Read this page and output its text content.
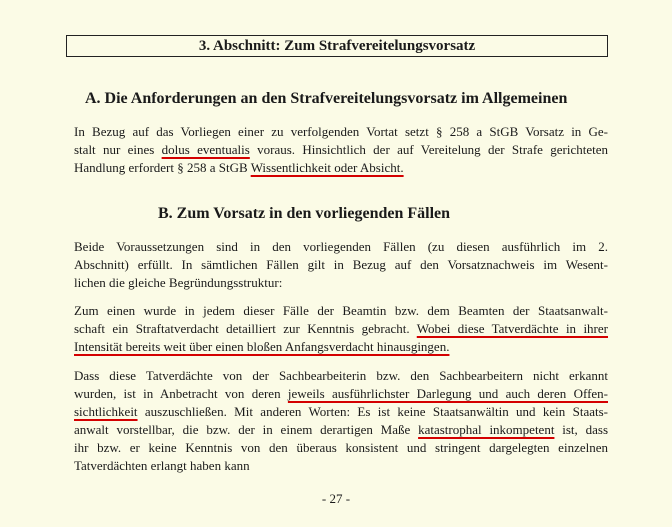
3. Abschnitt: Zum Strafvereitelungsvorsatz
A. Die Anforderungen an den Strafvereitelungsvorsatz im Allgemeinen
In Bezug auf das Vorliegen einer zu verfolgenden Vortat setzt § 258 a StGB Vorsatz in Ge-
stalt nur eines dolus eventualis voraus. Hinsichtlich der auf Vereitelung der Strafe gerichteten
Handlung erfordert § 258 a StGB Wissentlichkeit oder Absicht.
B. Zum Vorsatz in den vorliegenden Fällen
Beide Voraussetzungen sind in den vorliegenden Fällen (zu diesen ausführlich im 2.
Abschnitt) erfüllt. In sämtlichen Fällen gilt in Bezug auf den Vorsatznachweis im Wesent-
lichen die gleiche Begründungsstruktur:
Zum einen wurde in jedem dieser Fälle der Beamtin bzw. dem Beamten der Staatsanwalt-
schaft ein Straftatverdacht detailliert zur Kenntnis gebracht. Wobei diese Tatverdächte in ihrer
Intensität bereits weit über einen bloßen Anfangsverdacht hinausgingen.
Dass diese Tatverdächte von der Sachbearbeiterin bzw. den Sachbearbeitern nicht erkannt
wurden, ist in Anbetracht von deren jeweils ausführlichster Darlegung und auch deren Offen-
sichtlichkeit auszuschließen. Mit anderen Worten: Es ist keine Staatsanwältin und kein Staats-
anwalt vorstellbar, die bzw. der in einem derartigen Maße katastrophal inkompetent ist, dass
ihr bzw. er keine Kenntnis von den überaus konsistent und stringent dargelegten einzelnen
Tatverdächten erlangt haben kann
- 27 -
